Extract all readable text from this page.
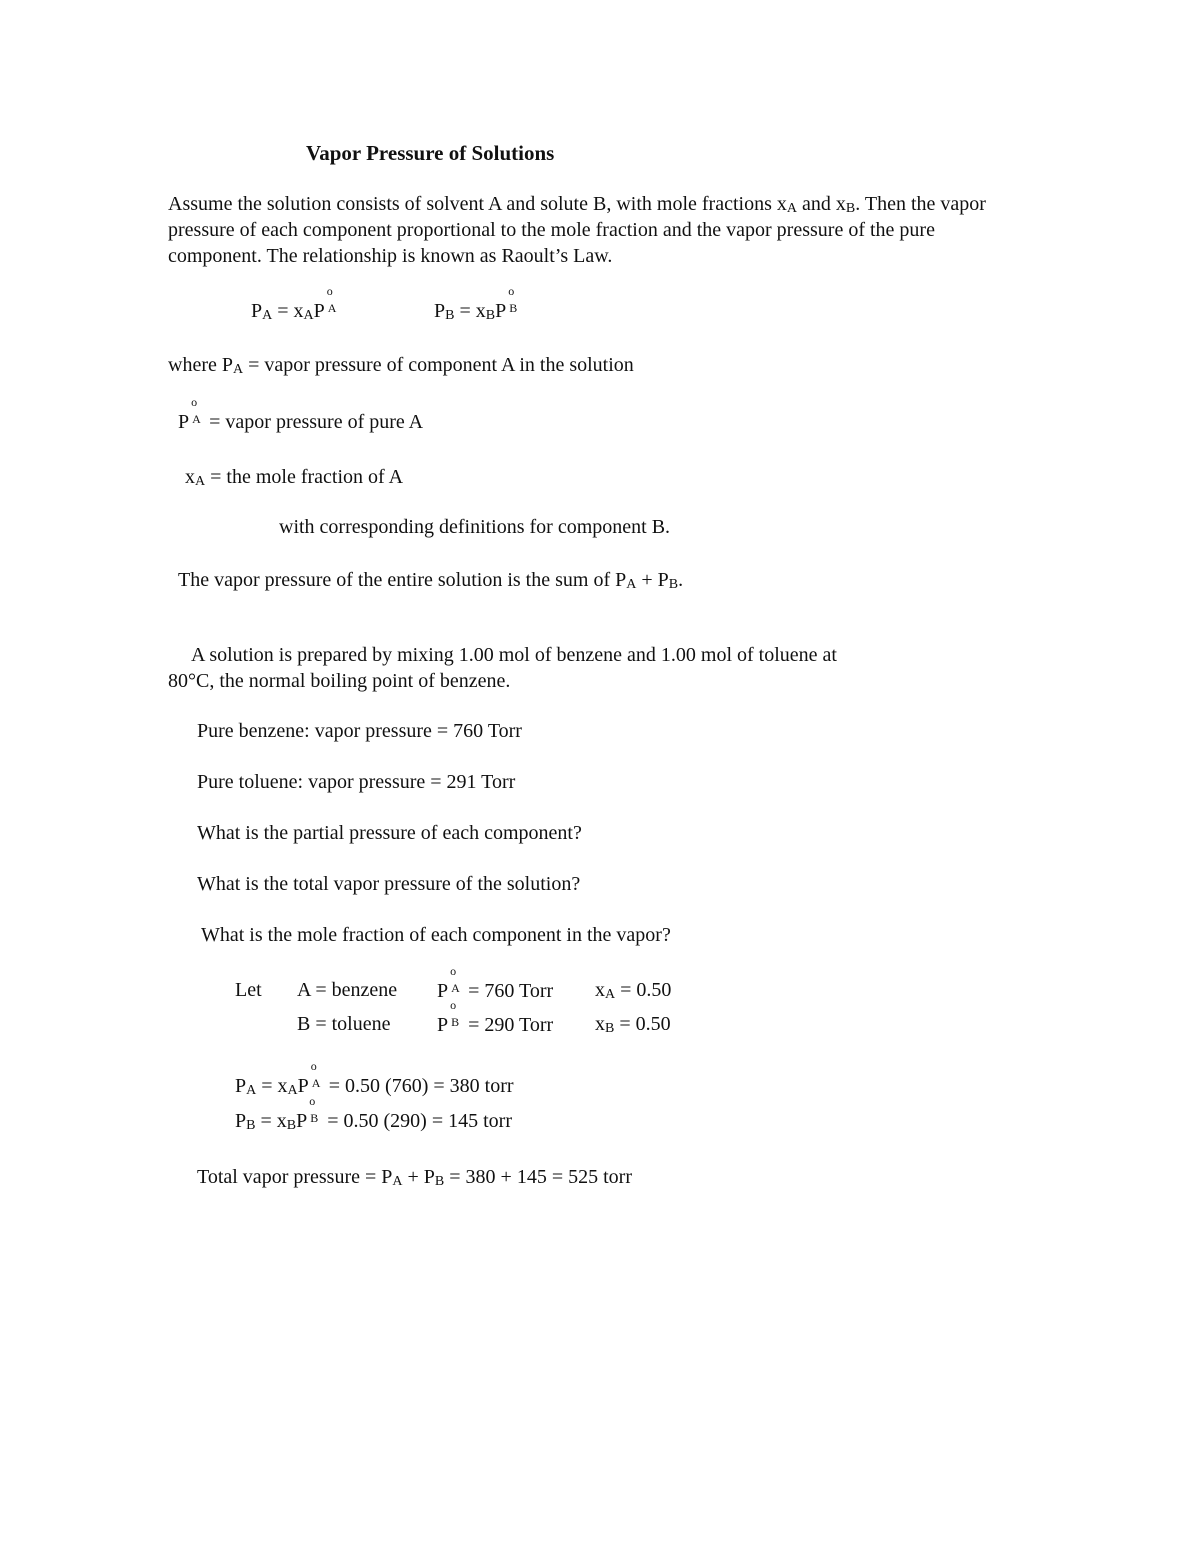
Vapor Pressure of Solutions
Assume the solution consists of solvent A and solute B, with mole fractions xA and xB. Then the vapor
pressure of each component proportional to the mole fraction and the vapor pressure of the pure
component. The relationship is known as Raoult’s Law.
PA = xAP
o
A	PB = xBP
o
B
where PA = vapor pressure of component A in the solution
P
o
A = vapor pressure of pure A
xA = the mole fraction of A
with corresponding definitions for component B.
The vapor pressure of the entire solution is the sum of PA + PB.
A solution is prepared by mixing 1.00 mol of benzene and 1.00 mol of toluene at
80°C, the normal boiling point of benzene.
Pure benzene: vapor pressure = 760 Torr
Pure toluene: vapor pressure = 291 Torr
What is the partial pressure of each component?
What is the total vapor pressure of the solution?
What is the mole fraction of each component in the vapor?
Let A = benzene
B = toluene
P
o
A = 760 Torr
P
o
B = 290 Torr
xA = 0.50
xB = 0.50
PA = xAP
o
A = 0.50 (760) = 380 torr
PB = xBP
o
B = 0.50 (290) = 145 torr
Total vapor pressure = PA + PB = 380 + 145 = 525 torr
